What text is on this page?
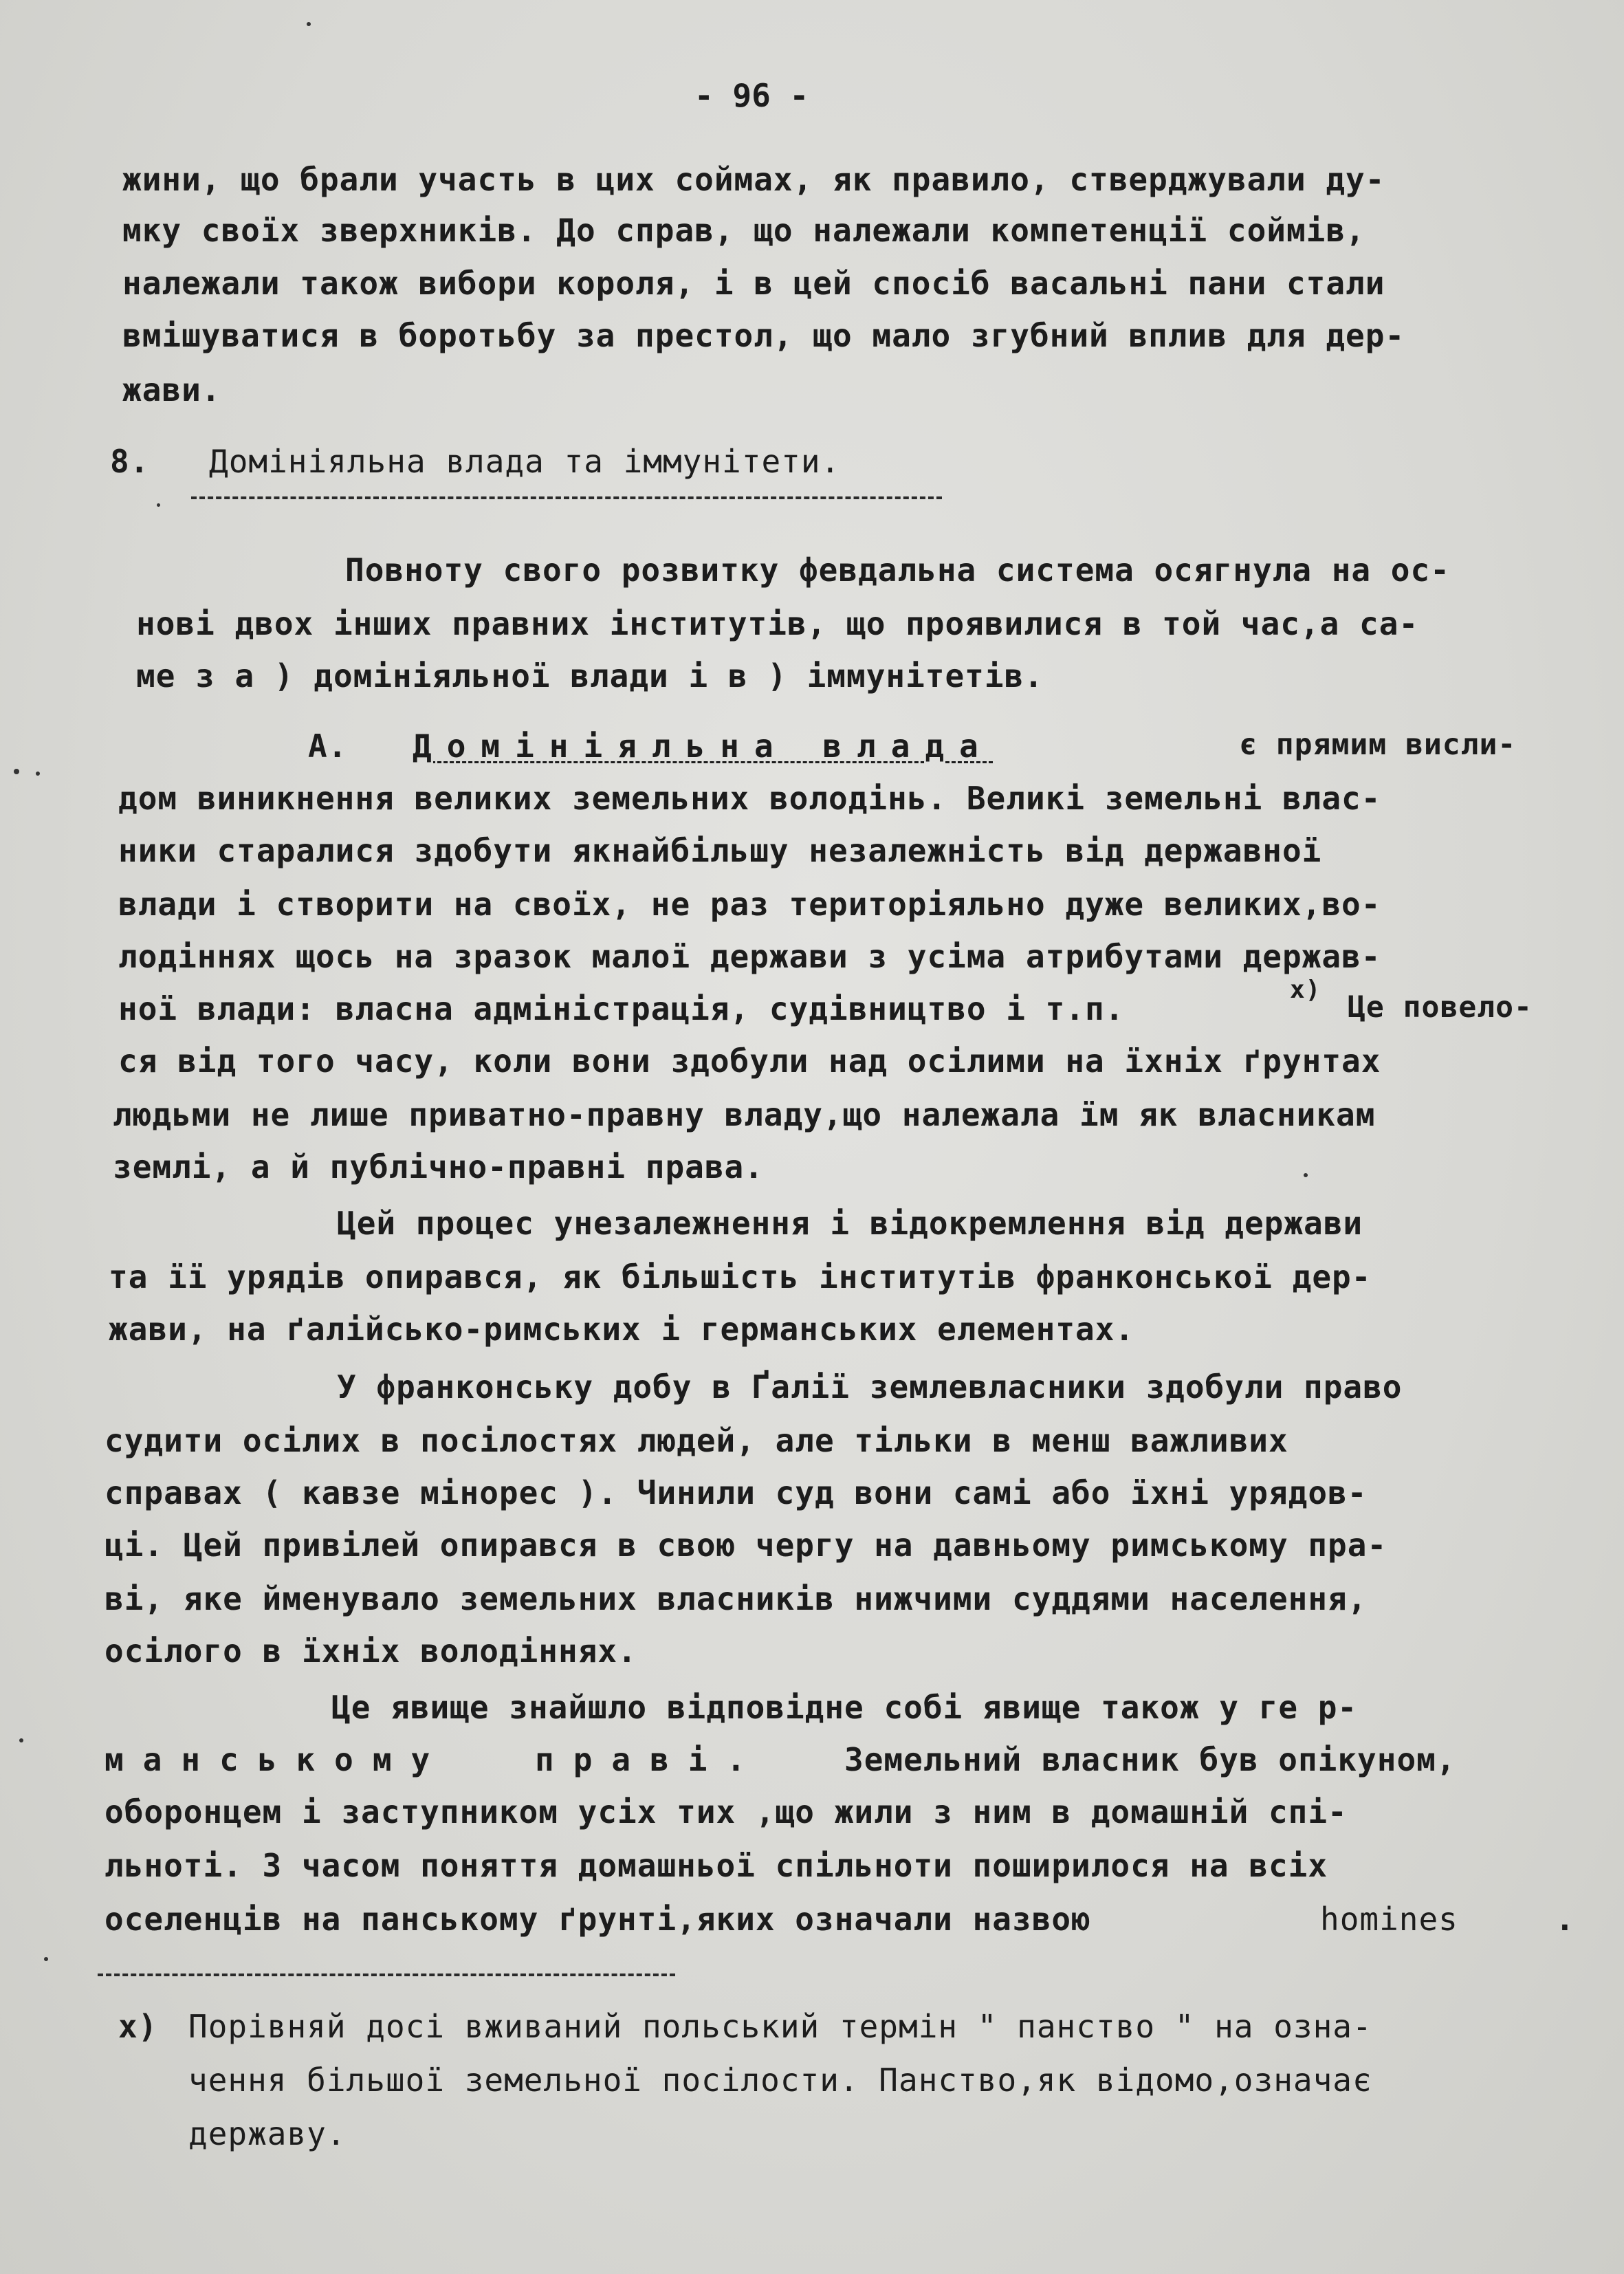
- 96 -
жини, що брали участь в цих соймах, як правило, стверджували ду-
мку своїх зверхників. До справ, що належали компетенції соймів,
належали також вибори короля, і в цей спосіб васальні пани стали
вмішуватися в боротьбу за престол, що мало згубний вплив для дер-
жави.
8. Домініяльна влада та іммунітети.
Повноту свого розвитку февдальна система осягнула на ос-
нові двох інших правних інститутів, що проявилися в той час,а са-
ме з а ) домініяльної влади і в ) іммунітетів.
А. Домініяльна влада	є прямим висли-
дом виникнення великих земельних володінь. Великі земельні влас-
ники старалися здобути якнайбільшу незалежність від державної
влади і створити на своїх, не раз територіяльно дуже великих,во-
лодіннях щось на зразок малої держави з усіма атрибутами держав-
ної влади: власна адміністрація, судівництво і т.п.
x)
Це повело-
ся від того часу, коли вони здобули над осілими на їхніх ґрунтах
людьми не лише приватно-правну владу,що належала їм як власникам
землі, а й публічно-правні права.
Цей процес унезалежнення і відокремлення від держави
та її урядів опирався, як більшість інститутів франконської дер-
жави, на ґалійсько-римських і германських елементах.
У франконську добу в Ґалії землевласники здобули право
судити осілих в посілостях людей, але тільки в менш важливих
справах ( кавзе мінорес ). Чинили суд вони самі або їхні урядов-
ці. Цей привілей опирався в свою чергу на давньому римському пра-
ві, яке йменувало земельних власників нижчими суддями населення,
осілого в їхніх володіннях.
Це явище знайшло відповідне собі явище також у ге р-
манському	праві.	Земельний власник був опікуном,
оборонцем і заступником усіх тих ,що жили з ним в домашній спі-
льноті. З часом поняття домашньої спільноти поширилося на всіх
оселенців на панському ґрунті,яких означали назвою	homines	.
x) Порівняй досі вживаний польський термін " панство " на озна-
чення більшої земельної посілости. Панство,як відомо,означає
державу.
